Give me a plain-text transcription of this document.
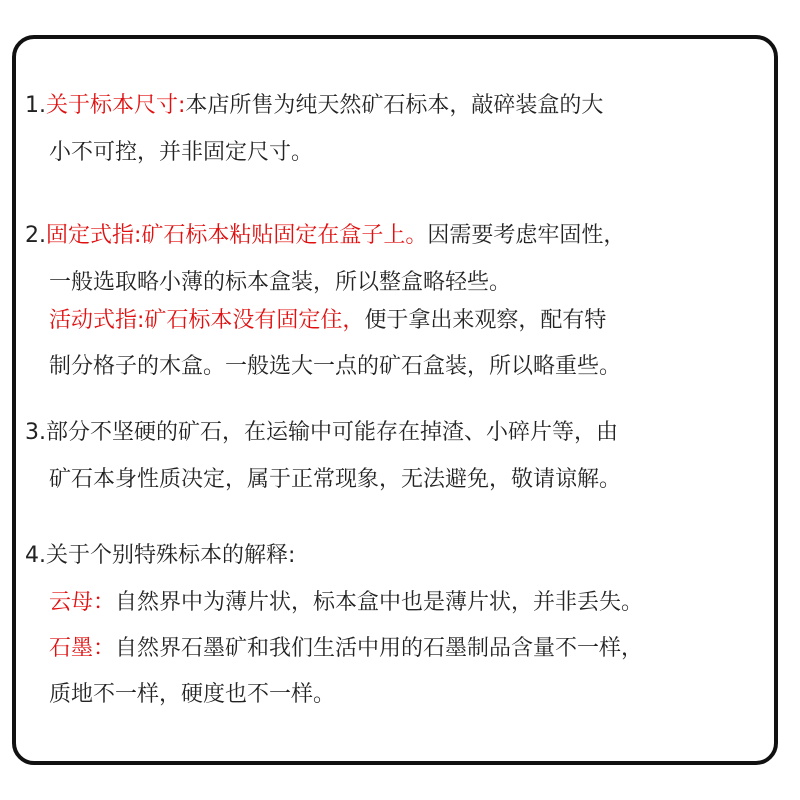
1.关于标本尺寸:本店所售为纯天然矿石标本，敲碎装盒的大
小不可控，并非固定尺寸。
2.固定式指:矿石标本粘贴固定在盒子上。因需要考虑牢固性，
一般选取略小薄的标本盒装，所以整盒略轻些。
活动式指:矿石标本没有固定住，便于拿出来观察，配有特
制分格子的木盒。一般选大一点的矿石盒装，所以略重些。
3.部分不坚硬的矿石，在运输中可能存在掉渣、小碎片等，由
矿石本身性质决定，属于正常现象，无法避免，敬请谅解。
4.关于个别特殊标本的解释:
云母：自然界中为薄片状，标本盒中也是薄片状，并非丢失。
石墨：自然界石墨矿和我们生活中用的石墨制品含量不一样，
质地不一样，硬度也不一样。
